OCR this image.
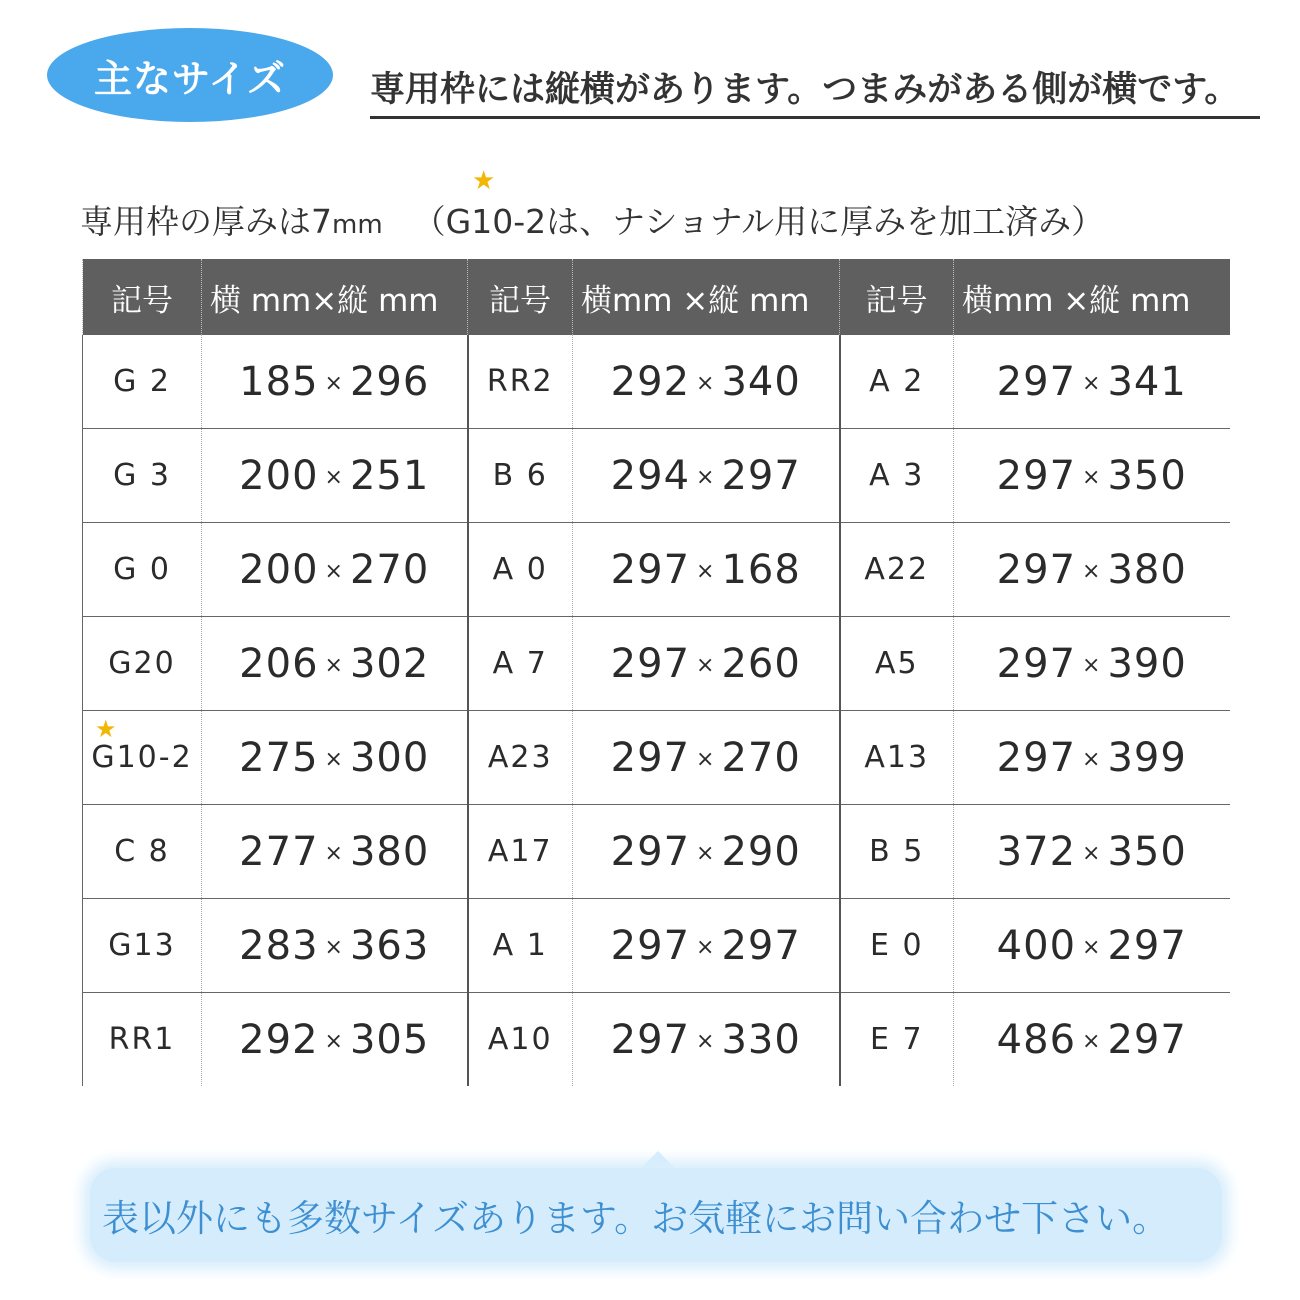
主なサイズ	専用枠には縦横があります。つまみがある側が横です。
★
専用枠の厚みは7mm （G10-2は、ナショナル用に厚みを加工済み）
記号	横 mm×縦 mm	記号	横mm ×縦 mm	記号	横mm ×縦 mm
G 2	185 × 296	RR2	292 × 340	A 2	297 × 341
G 3	200 × 251	B 6	294 × 297	A 3	297 × 350
G 0	200 × 270	A 0	297 × 168	A22	297 × 380
G20	206 × 302	A 7	297 × 260	A5	297 × 390

★
G10-2	275 × 300	A23	297 × 270	A13	297 × 399
C 8	277 × 380	A17	297 × 290	B 5	372 × 350
G13	283 × 363	A 1	297 × 297	E 0	400 × 297
RR1	292 × 305	A10	297 × 330	E 7	486 × 297
表以外にも多数サイズあります。お気軽にお問い合わせ下さい。
